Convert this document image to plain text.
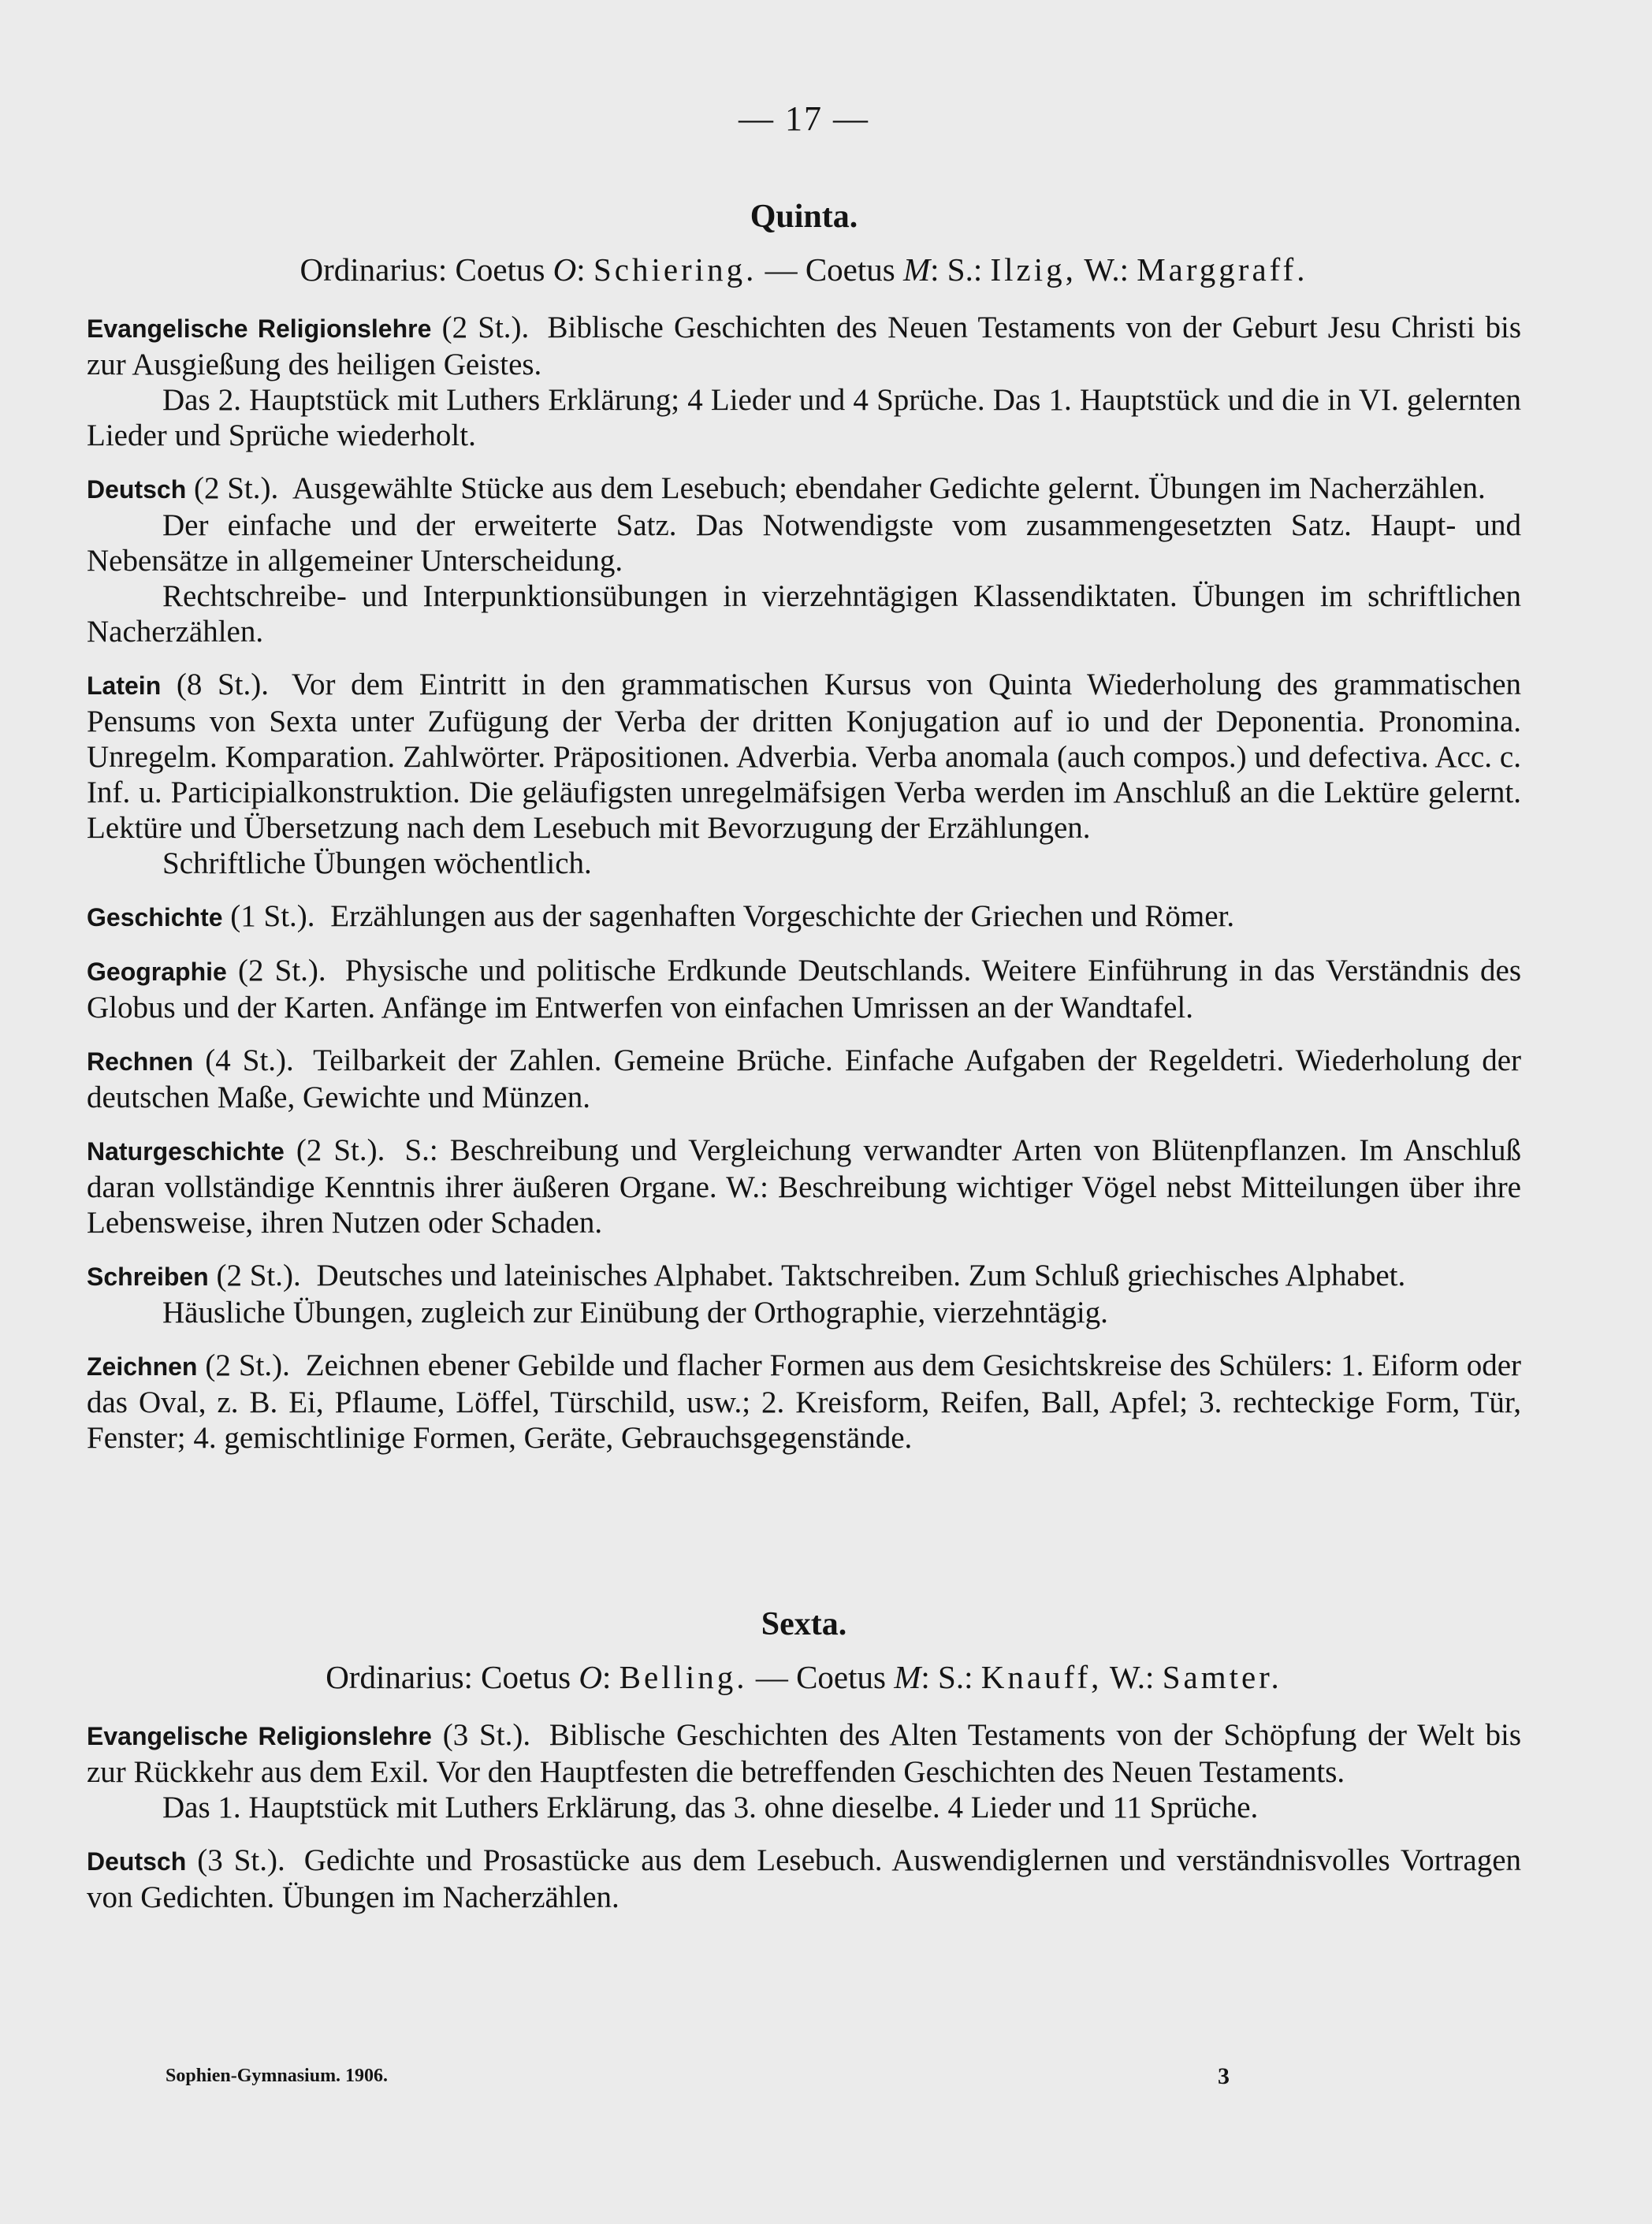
— 17 —
Quinta.
Ordinarius: Coetus O: Schiering. — Coetus M: S.: Ilzig, W.: Marggraff.

Evangelische Religionslehre (2 St.). Biblische Geschichten des Neuen Testaments von der Geburt Jesu Christi bis zur Ausgießung des heiligen Geistes.

Das 2. Hauptstück mit Luthers Erklärung; 4 Lieder und 4 Sprüche. Das 1. Hauptstück und die in VI. gelernten Lieder und Sprüche wiederholt.

Deutsch (2 St.). Ausgewählte Stücke aus dem Lesebuch; ebendaher Gedichte gelernt. Übungen im Nacherzählen.

Der einfache und der erweiterte Satz. Das Notwendigste vom zusammengesetzten Satz. Haupt- und Nebensätze in allgemeiner Unterscheidung.

Rechtschreibe- und Interpunktionsübungen in vierzehntägigen Klassendiktaten. Übungen im schriftlichen Nacherzählen.

Latein (8 St.). Vor dem Eintritt in den grammatischen Kursus von Quinta Wiederholung des grammatischen Pensums von Sexta unter Zufügung der Verba der dritten Konjugation auf io und der Deponentia. Pronomina. Unregelm. Komparation. Zahlwörter. Präpositionen. Adverbia. Verba anomala (auch compos.) und defectiva. Acc. c. Inf. u. Participialkonstruktion. Die geläufigsten unregelmäfsigen Verba werden im Anschluß an die Lektüre gelernt. Lektüre und Übersetzung nach dem Lesebuch mit Bevorzugung der Erzählungen.

Schriftliche Übungen wöchentlich.

Geschichte (1 St.). Erzählungen aus der sagenhaften Vorgeschichte der Griechen und Römer.

Geographie (2 St.). Physische und politische Erdkunde Deutschlands. Weitere Einführung in das Verständnis des Globus und der Karten. Anfänge im Entwerfen von einfachen Umrissen an der Wandtafel.

Rechnen (4 St.). Teilbarkeit der Zahlen. Gemeine Brüche. Einfache Aufgaben der Regeldetri. Wiederholung der deutschen Maße, Gewichte und Münzen.

Naturgeschichte (2 St.). S.: Beschreibung und Vergleichung verwandter Arten von Blütenpflanzen. Im Anschluß daran vollständige Kenntnis ihrer äußeren Organe. W.: Beschreibung wichtiger Vögel nebst Mitteilungen über ihre Lebensweise, ihren Nutzen oder Schaden.

Schreiben (2 St.). Deutsches und lateinisches Alphabet. Taktschreiben. Zum Schluß griechisches Alphabet.

Häusliche Übungen, zugleich zur Einübung der Orthographie, vierzehntägig.

Zeichnen (2 St.). Zeichnen ebener Gebilde und flacher Formen aus dem Gesichtskreise des Schülers: 1. Eiform oder das Oval, z. B. Ei, Pflaume, Löffel, Türschild, usw.; 2. Kreisform, Reifen, Ball, Apfel; 3. rechteckige Form, Tür, Fenster; 4. gemischtlinige Formen, Geräte, Gebrauchsgegenstände.

Sexta.
Ordinarius: Coetus O: Belling. — Coetus M: S.: Knauff, W.: Samter.

Evangelische Religionslehre (3 St.). Biblische Geschichten des Alten Testaments von der Schöpfung der Welt bis zur Rückkehr aus dem Exil. Vor den Hauptfesten die betreffenden Geschichten des Neuen Testaments.

Das 1. Hauptstück mit Luthers Erklärung, das 3. ohne dieselbe. 4 Lieder und 11 Sprüche.

Deutsch (3 St.). Gedichte und Prosastücke aus dem Lesebuch. Auswendiglernen und verständnisvolles Vortragen von Gedichten. Übungen im Nacherzählen.

Sophien-Gymnasium. 1906.	3
